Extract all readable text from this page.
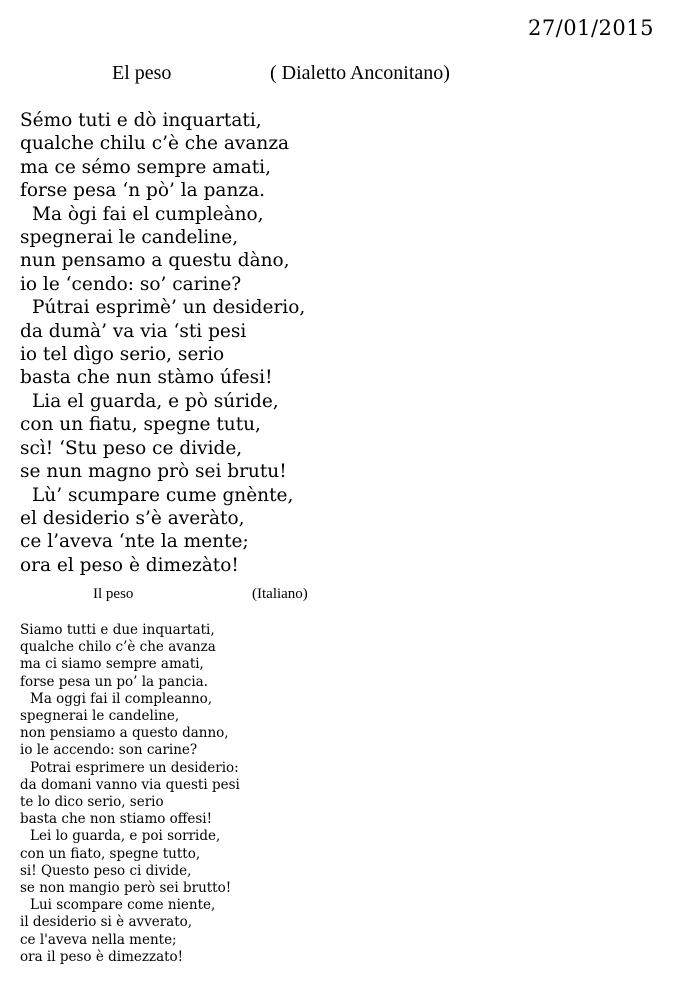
27/01/2015
El peso	( Dialetto Anconitano)
Sémo tuti e dò inquartati,
qualche chilu c’è che avanza
ma ce sémo sempre amati,
forse pesa ‘n pò’ la panza.
Ma ògi fai el cumpleàno,
spegnerai le candeline,
nun pensamo a questu dàno,
io le ‘cendo: so’ carine?
Pútrai esprimè’ un desiderio,
da dumà’ va via ‘sti pesi
io tel dìgo serio, serio
basta che nun stàmo úfesi!
Lia el guarda, e pò súride,
con un fiatu, spegne tutu,
scì! ‘Stu peso ce divide,
se nun magno prò sei brutu!
Lù’ scumpare cume gnènte,
el desiderio s’è averàto,
ce l’aveva ‘nte la mente;
ora el peso è dimezàto!
Il peso	(Italiano)
Siamo tutti e due inquartati,
qualche chilo c’è che avanza
ma ci siamo sempre amati,
forse pesa un po’ la pancia.
Ma oggi fai il compleanno,
spegnerai le candeline,
non pensiamo a questo danno,
io le accendo: son carine?
Potrai esprimere un desiderio:
da domani vanno via questi pesi
te lo dico serio, serio
basta che non stiamo offesi!
Lei lo guarda, e poi sorride,
con un fiato, spegne tutto,
si! Questo peso ci divide,
se non mangio però sei brutto!
Lui scompare come niente,
il desiderio si è avverato,
ce l'aveva nella mente;
ora il peso è dimezzato!
